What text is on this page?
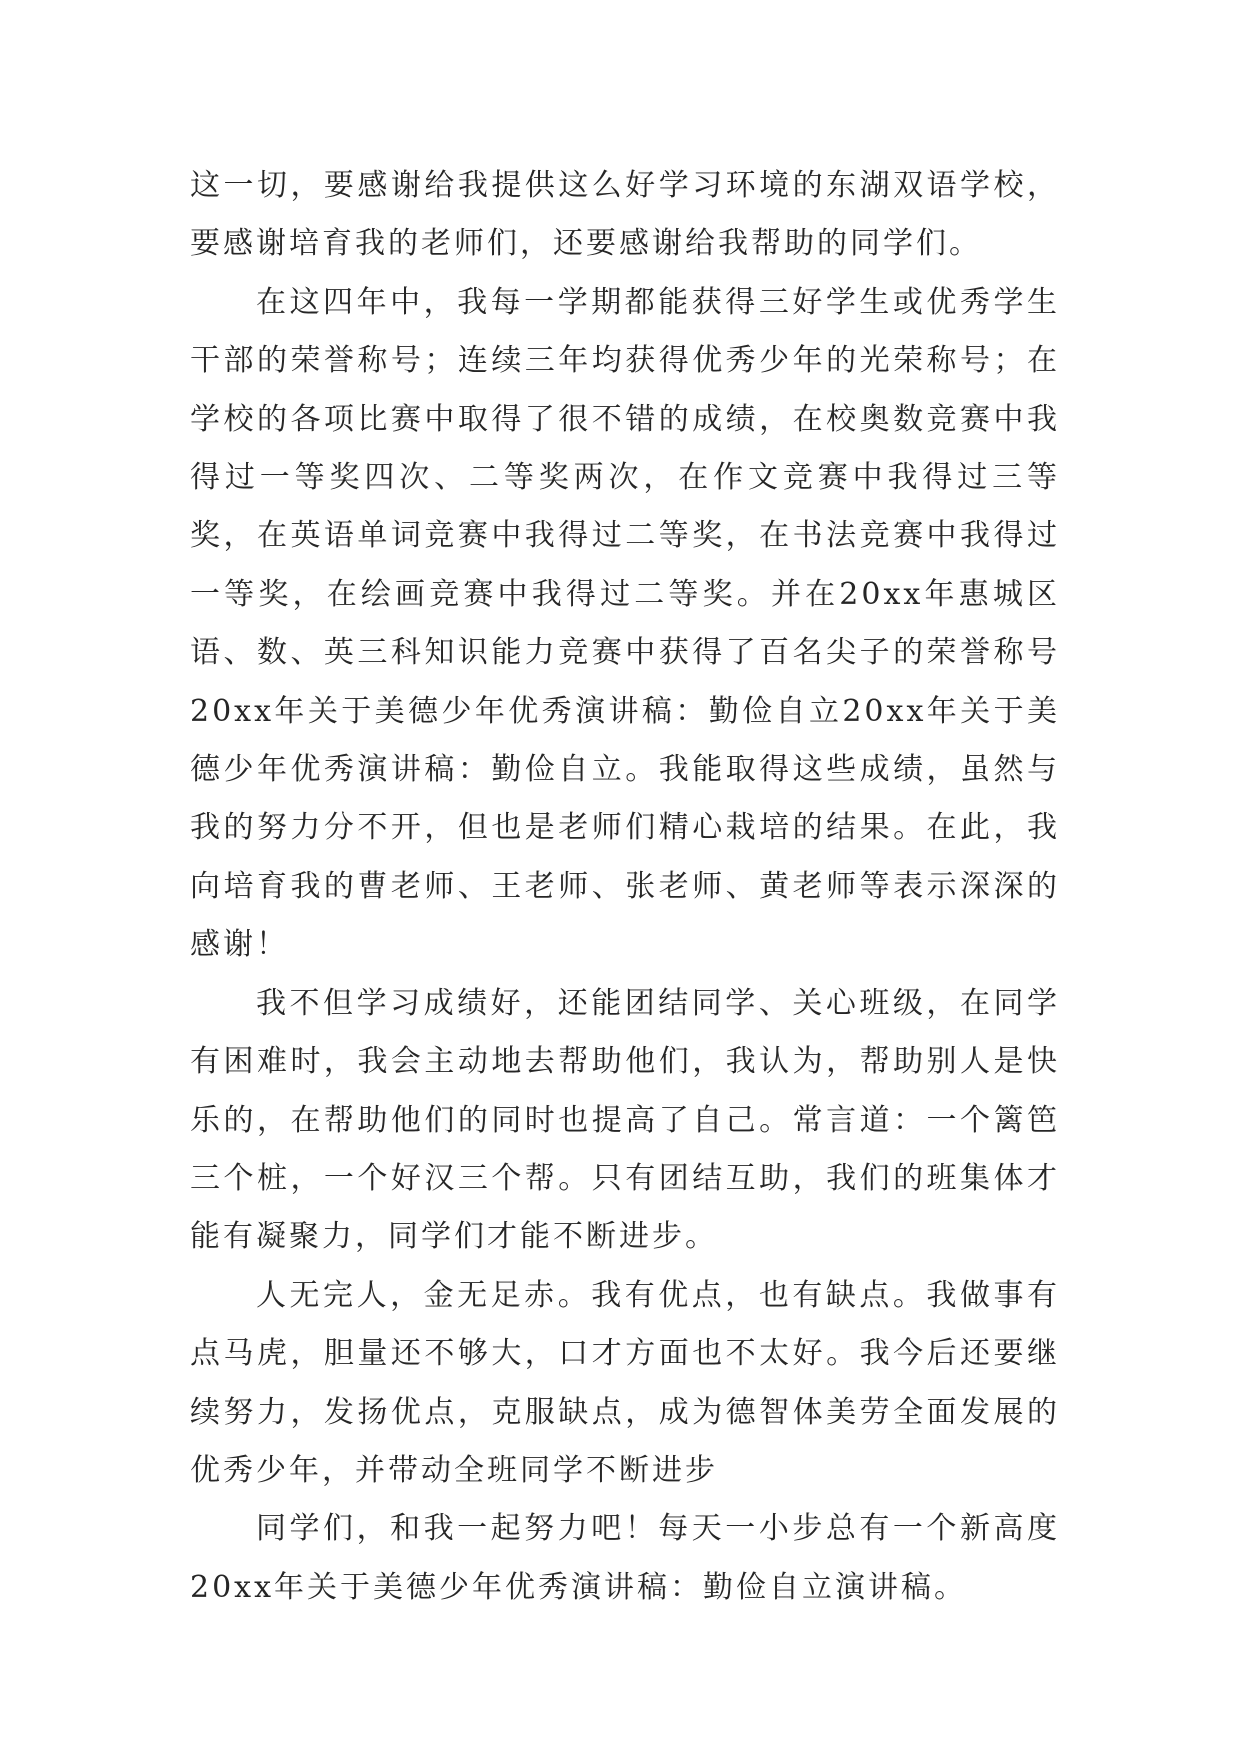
这一切，要感谢给我提供这么好学习环境的东湖双语学校，要感谢培育我的老师们，还要感谢给我帮助的同学们。

在这四年中，我每一学期都能获得三好学生或优秀学生干部的荣誉称号；连续三年均获得优秀少年的光荣称号；在学校的各项比赛中取得了很不错的成绩，在校奥数竞赛中我得过一等奖四次、二等奖两次，在作文竞赛中我得过三等奖，在英语单词竞赛中我得过二等奖，在书法竞赛中我得过一等奖，在绘画竞赛中我得过二等奖。并在20xx年惠城区语、数、英三科知识能力竞赛中获得了百名尖子的荣誉称号20xx年关于美德少年优秀演讲稿：勤俭自立20xx年关于美德少年优秀演讲稿：勤俭自立。我能取得这些成绩，虽然与我的努力分不开，但也是老师们精心栽培的结果。在此，我向培育我的曹老师、王老师、张老师、黄老师等表示深深的感谢！

我不但学习成绩好，还能团结同学、关心班级，在同学有困难时，我会主动地去帮助他们，我认为，帮助别人是快乐的，在帮助他们的同时也提高了自己。常言道：一个篱笆三个桩，一个好汉三个帮。只有团结互助，我们的班集体才能有凝聚力，同学们才能不断进步。

人无完人，金无足赤。我有优点，也有缺点。我做事有点马虎，胆量还不够大，口才方面也不太好。我今后还要继续努力，发扬优点，克服缺点，成为德智体美劳全面发展的优秀少年，并带动全班同学不断进步

同学们，和我一起努力吧！每天一小步总有一个新高度20xx年关于美德少年优秀演讲稿：勤俭自立演讲稿。
